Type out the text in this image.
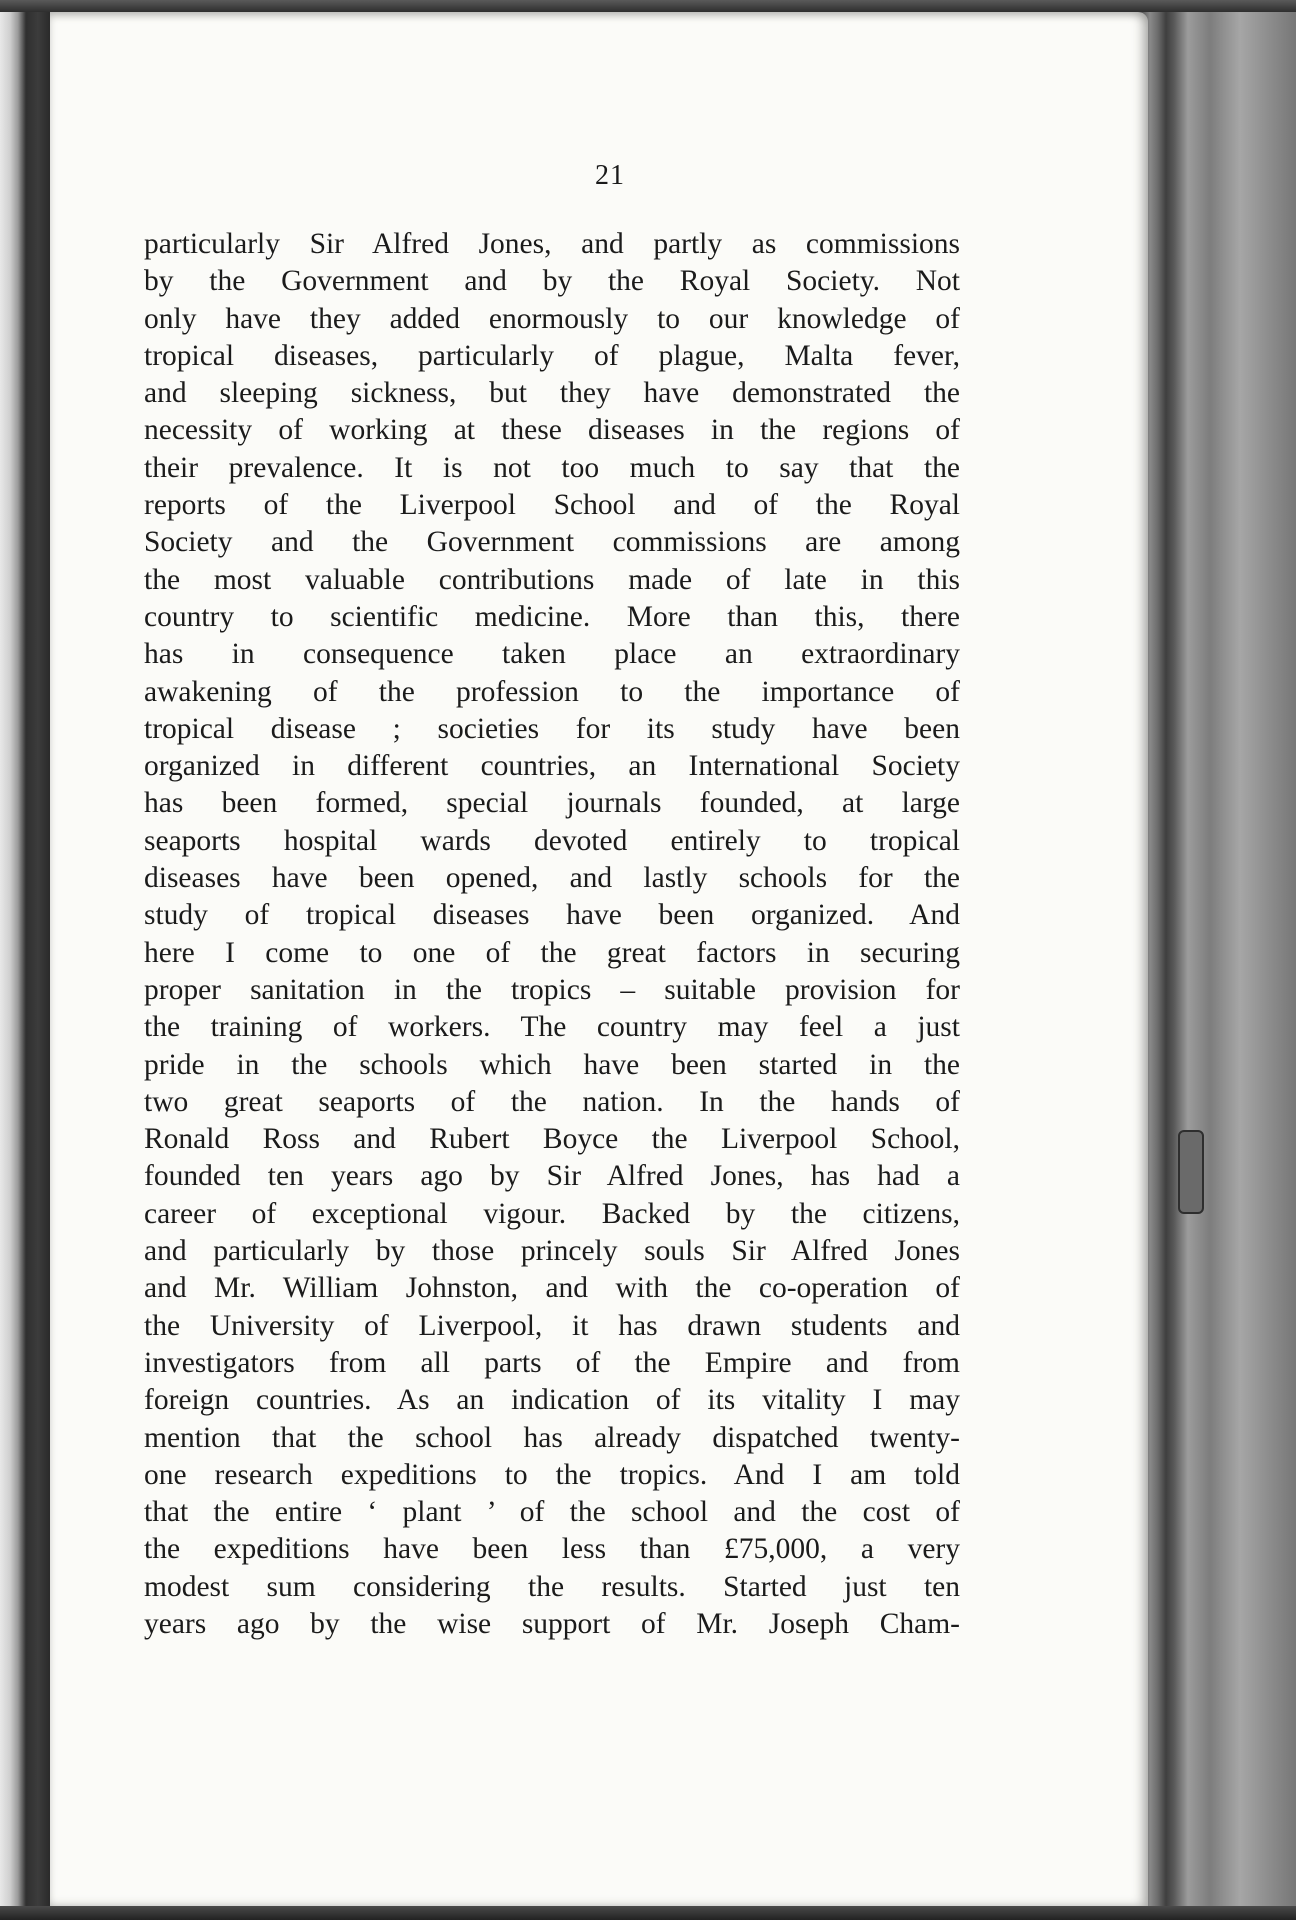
21
particularly Sir Alfred Jones, and partly as commissions
by the Government and by the Royal Society. Not
only have they added enormously to our knowledge of
tropical diseases, particularly of plague, Malta fever,
and sleeping sickness, but they have demonstrated the
necessity of working at these diseases in the regions of
their prevalence. It is not too much to say that the
reports of the Liverpool School and of the Royal
Society and the Government commissions are among
the most valuable contributions made of late in this
country to scientific medicine. More than this, there
has in consequence taken place an extraordinary
awakening of the profession to the importance of
tropical disease ; societies for its study have been
organized in different countries, an International Society
has been formed, special journals founded, at large
seaports hospital wards devoted entirely to tropical
diseases have been opened, and lastly schools for the
study of tropical diseases have been organized. And
here I come to one of the great factors in securing
proper sanitation in the tropics – suitable provision for
the training of workers. The country may feel a just
pride in the schools which have been started in the
two great seaports of the nation. In the hands of
Ronald Ross and Rubert Boyce the Liverpool School,
founded ten years ago by Sir Alfred Jones, has had a
career of exceptional vigour. Backed by the citizens,
and particularly by those princely souls Sir Alfred Jones
and Mr. William Johnston, and with the co-operation of
the University of Liverpool, it has drawn students and
investigators from all parts of the Empire and from
foreign countries. As an indication of its vitality I may
mention that the school has already dispatched twenty-
one research expeditions to the tropics. And I am told
that the entire ‘ plant ’ of the school and the cost of
the expeditions have been less than £75,000, a very
modest sum considering the results. Started just ten
years ago by the wise support of Mr. Joseph Cham-
